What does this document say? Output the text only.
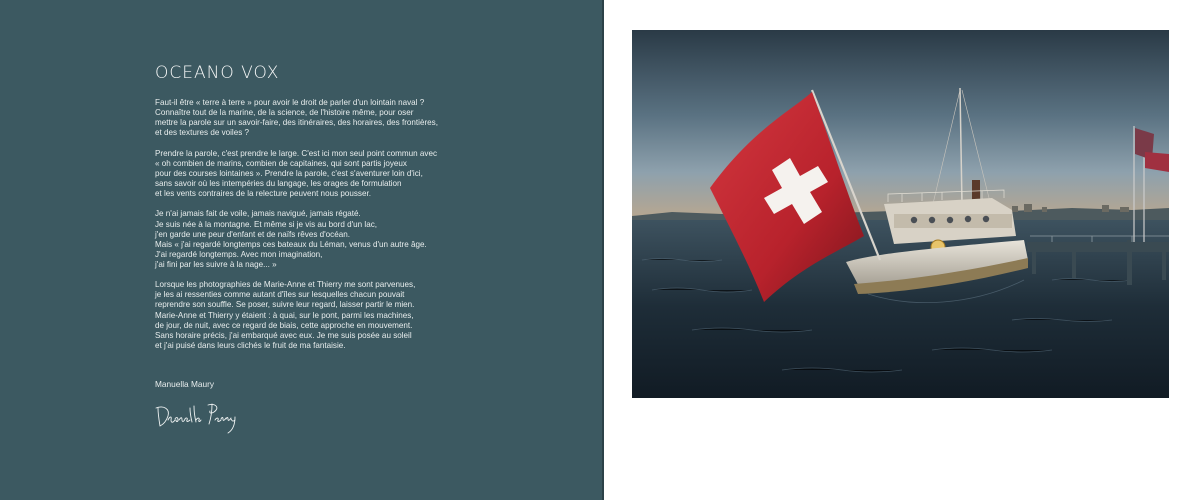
OCEANO VOX

Faut-il être « terre à terre » pour avoir le droit de parler d'un lointain naval ?
Connaître tout de la marine, de la science, de l'histoire même, pour oser
mettre la parole sur un savoir-faire, des itinéraires, des horaires, des frontières,
et des textures de voiles ?

Prendre la parole, c'est prendre le large. C'est ici mon seul point commun avec
« oh combien de marins, combien de capitaines, qui sont partis joyeux
pour des courses lointaines ». Prendre la parole, c'est s'aventurer loin d'ici,
sans savoir où les intempéries du langage, les orages de formulation
et les vents contraires de la relecture peuvent nous pousser.

Je n'ai jamais fait de voile, jamais navigué, jamais régaté.
Je suis née à la montagne. Et même si je vis au bord d'un lac,
j'en garde une peur d'enfant et de naïfs rêves d'océan.
Mais « j'ai regardé longtemps ces bateaux du Léman, venus d'un autre âge.
J'ai regardé longtemps. Avec mon imagination,
j'ai fini par les suivre à la nage... »

Lorsque les photographies de Marie-Anne et Thierry me sont parvenues,
je les ai ressenties comme autant d'îles sur lesquelles chacun pouvait
reprendre son souffle. Se poser, suivre leur regard, laisser partir le mien.
Marie-Anne et Thierry y étaient : à quai, sur le pont, parmi les machines,
de jour, de nuit, avec ce regard de biais, cette approche en mouvement.
Sans horaire précis, j'ai embarqué avec eux. Je me suis posée au soleil
et j'ai puisé dans leurs clichés le fruit de ma fantaisie.

Manuella Maury
